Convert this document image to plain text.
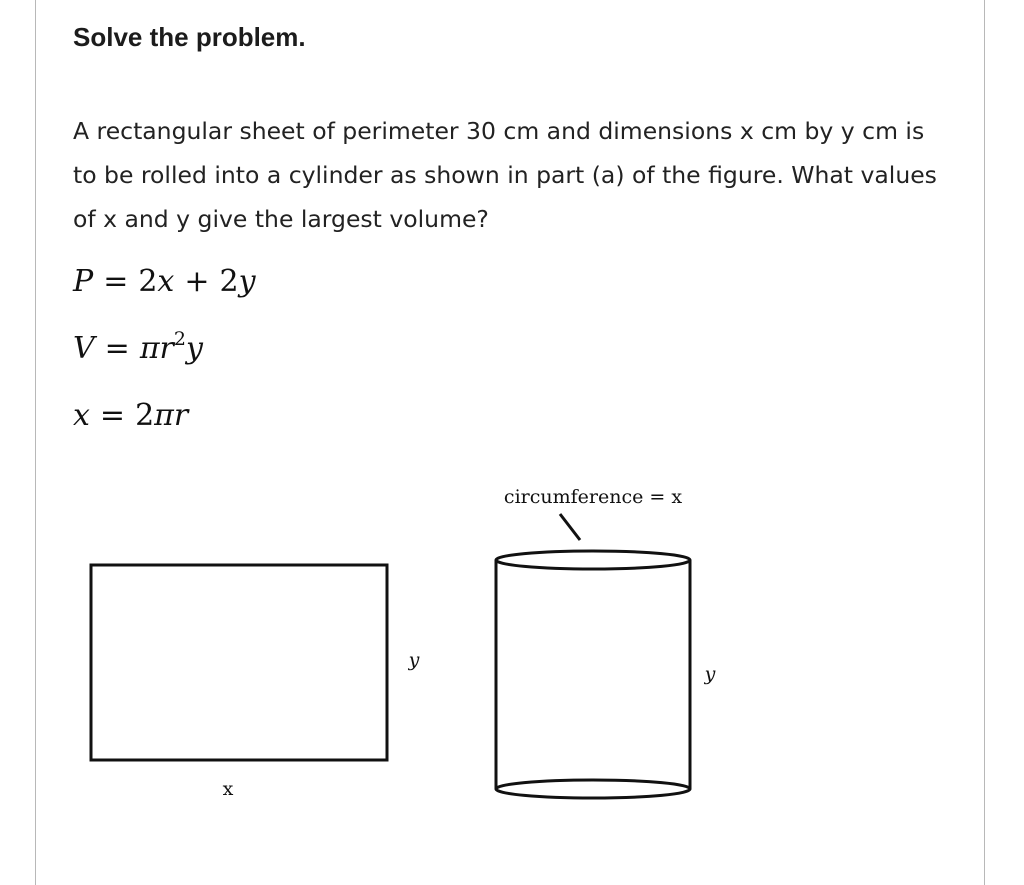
Solve the problem.

A rectangular sheet of perimeter 30 cm and dimensions x cm by y cm is to be rolled into a cylinder as shown in part (a) of the figure. What values of x and y give the largest volume?

P = 2x + 2y
$V = \pi r^2y$
x = 2πr
y
x
y
circumference = x
